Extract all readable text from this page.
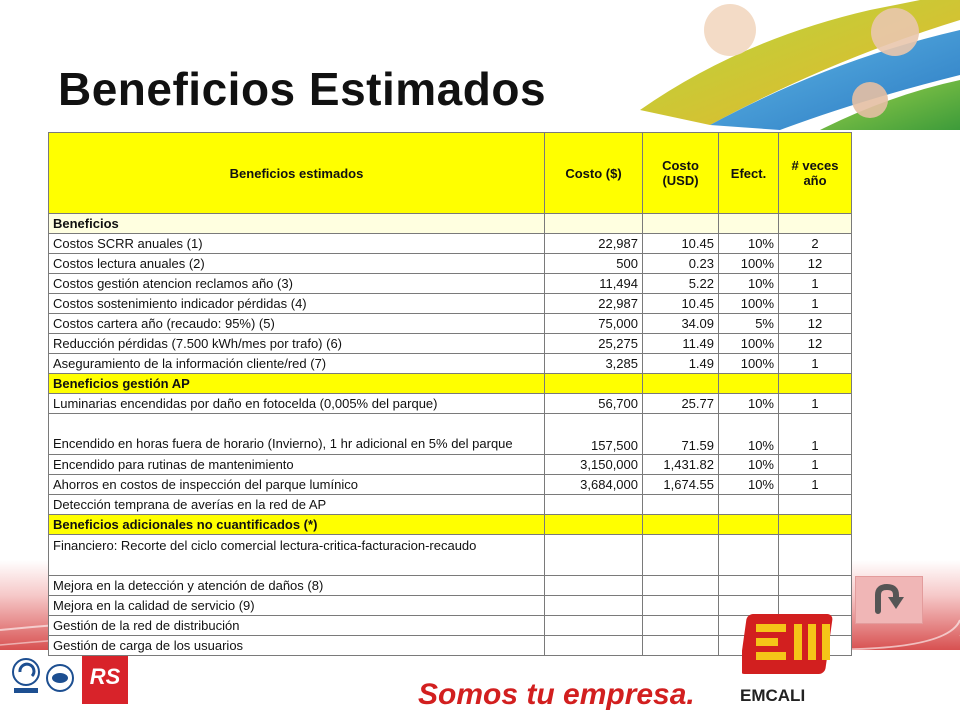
Beneficios Estimados
Beneficios estimados	Costo ($)	Costo (USD)	Efect.	# veces año
Beneficios				
Costos SCRR anuales (1)	22,987	10.45	10%	2
Costos lectura anuales (2)	500	0.23	100%	12
Costos gestión atencion reclamos año (3)	11,494	5.22	10%	1
Costos sostenimiento indicador pérdidas (4)	22,987	10.45	100%	1
Costos cartera año (recaudo: 95%) (5)	75,000	34.09	5%	12
Reducción pérdidas (7.500 kWh/mes por trafo) (6)	25,275	11.49	100%	12
Aseguramiento de la información cliente/red (7)	3,285	1.49	100%	1
Beneficios gestión AP				
Luminarias encendidas por daño en fotocelda (0,005% del parque)	56,700	25.77	10%	1
Encendido en horas fuera de horario (Invierno), 1 hr adicional en 5% del parque	157,500	71.59	10%	1
Encendido para rutinas de mantenimiento	3,150,000	1,431.82	10%	1
Ahorros en costos de inspección del parque lumínico	3,684,000	1,674.55	10%	1
Detección temprana de averías en la red de AP				
Beneficios adicionales no cuantificados (*)				
Financiero: Recorte del ciclo comercial lectura-critica-facturacion-recaudo				
Mejora en la detección y atención de daños (8)				
Mejora en la calidad de servicio (9)				
Gestión de la red de distribución				
Gestión de carga de los usuarios				
RS
Somos tu empresa.	EMCALI
